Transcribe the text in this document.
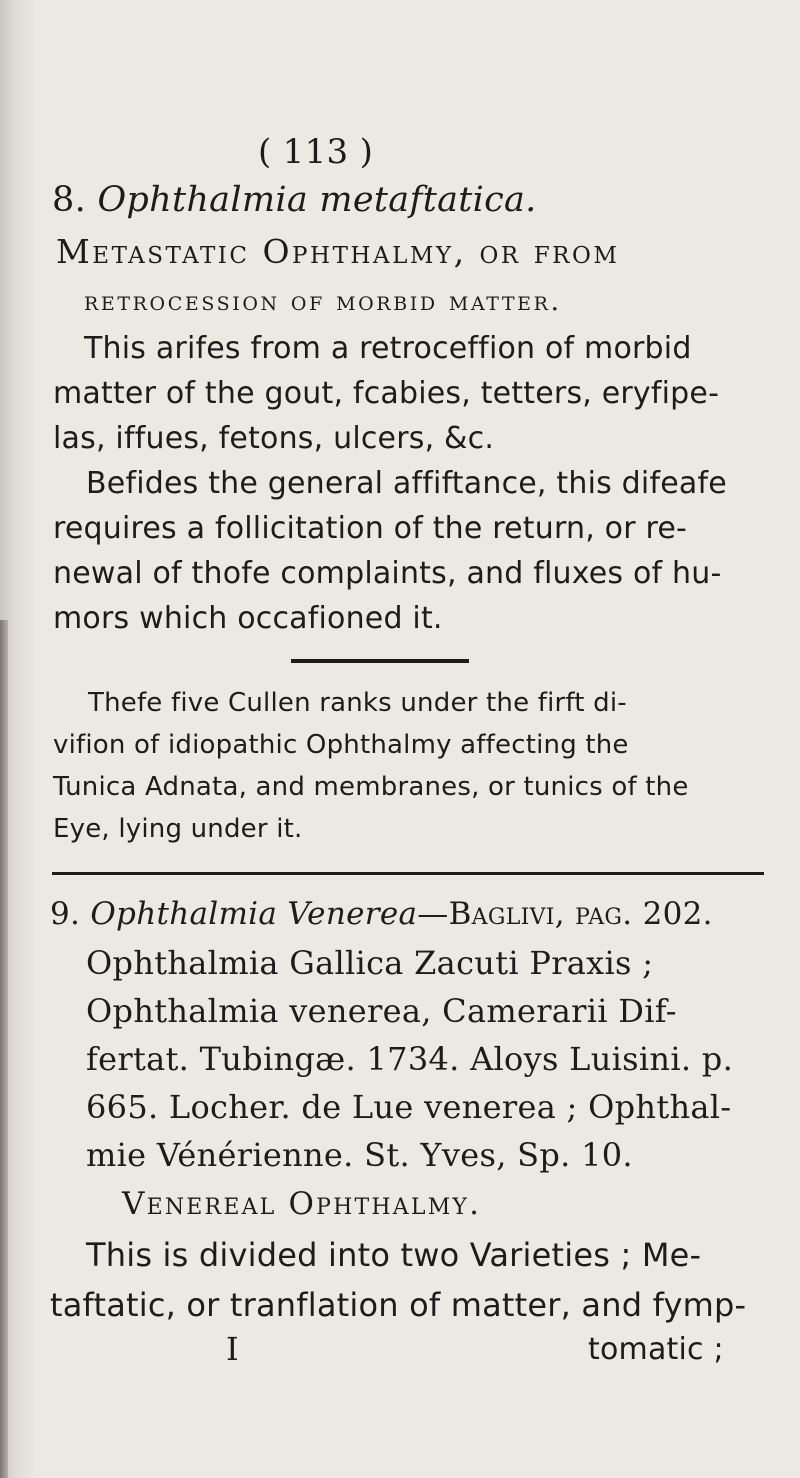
( 113 )
8. Ophthalmia metaftatica.
Metastatic Ophthalmy, or from
retrocession of morbid matter.
This arifes from a retroceffion of morbid
matter of the gout, fcabies, tetters, eryfipe-
las, iffues, fetons, ulcers, &c.
Befides the general affiftance, this difeafe
requires a follicitation of the return, or re-
newal of thofe complaints, and fluxes of hu-
mors which occafioned it.
Thefe five Cullen ranks under the firft di-
vifion of idiopathic Ophthalmy affecting the
Tunica Adnata, and membranes, or tunics of the
Eye, lying under it.
9. Ophthalmia Venerea—Baglivi, pag. 202.
Ophthalmia Gallica Zacuti Praxis ;
Ophthalmia venerea, Camerarii Dif-
fertat. Tubingæ. 1734. Aloys Luisini. p.
665. Locher. de Lue venerea ; Ophthal-
mie Vénérienne. St. Yves, Sp. 10.
Venereal Ophthalmy.
This is divided into two Varieties ; Me-
taftatic, or tranflation of matter, and fymp-
I	tomatic ;
